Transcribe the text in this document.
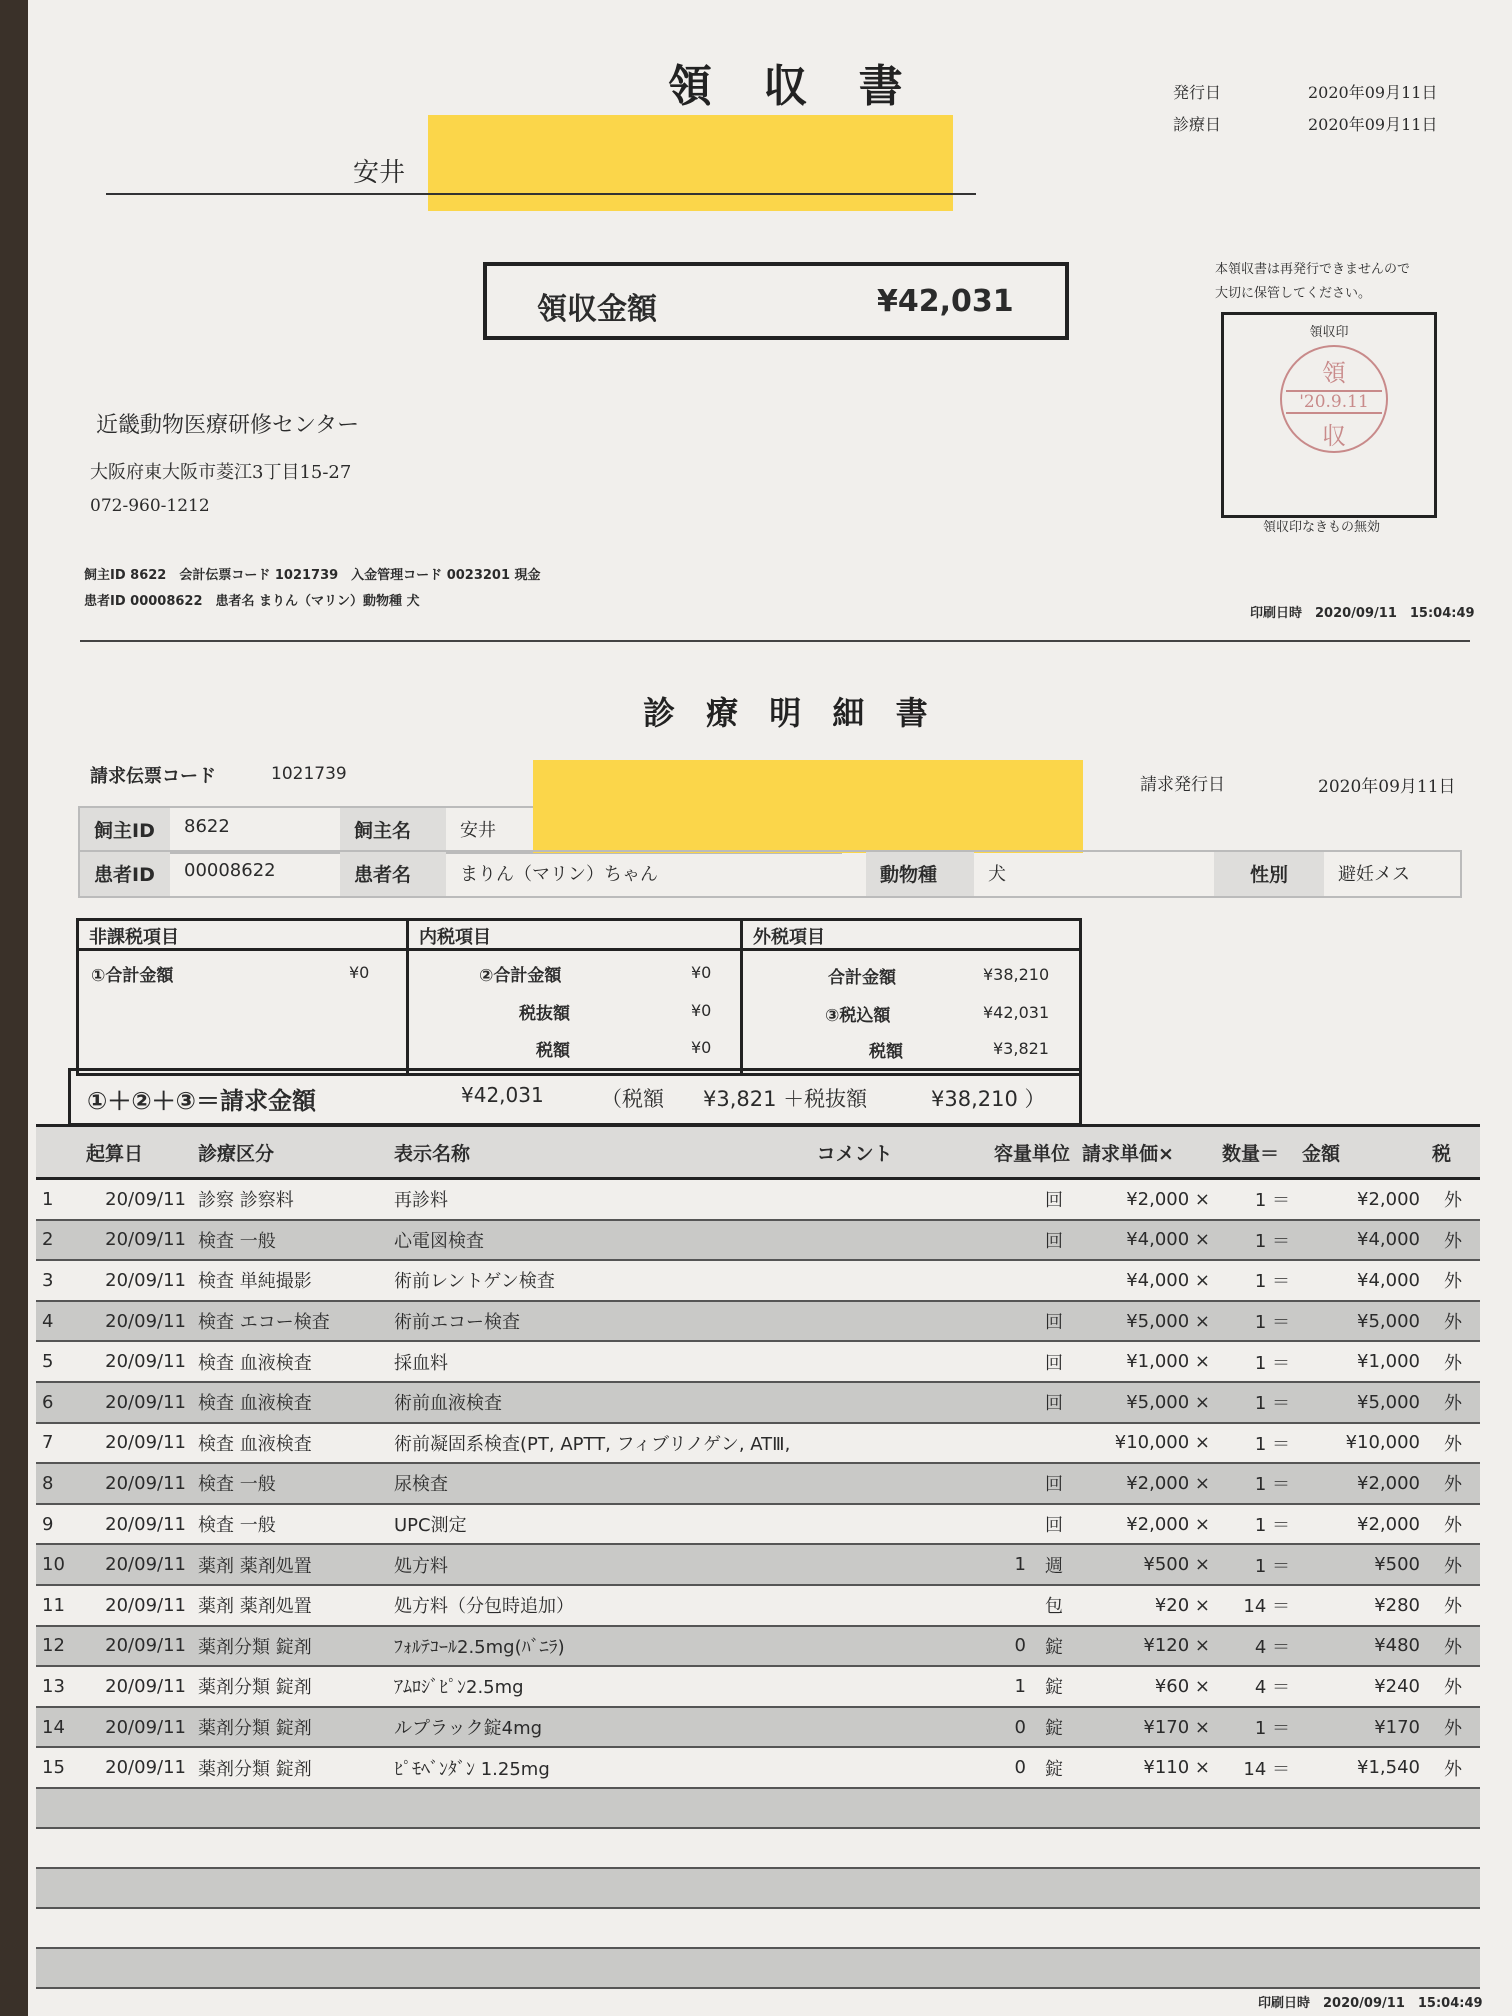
領 収 書	発行日	2020年09月11日
診療日	2020年09月11日
安井
領収金額	¥42,031
本領収書は再発行できませんので
大切に保管してください。
領収印
領
'20.9.11
収
領収印なきもの無効
近畿動物医療研修センター
大阪府東大阪市菱江3丁目15-27
072-960-1212
飼主ID 8622　会計伝票コード 1021739　入金管理コード 0023201 現金
患者ID 00008622　患者名 まりん（マリン）動物種 犬
印刷日時　2020/09/11　15:04:49
診 療 明 細 書
請求伝票コード	1021739
請求発行日	2020年09月11日
飼主ID	8622	飼主名	安井
患者ID	00008622	患者名	まりん（マリン）ちゃん	動物種	犬	性別	避妊メス
非課税項目
①合計金額	¥0
内税項目
②合計金額	¥0
税抜額	¥0
税額	¥0
外税項目
合計金額	¥38,210
③税込額	¥42,031
税額	¥3,821
①＋②＋③＝請求金額	¥42,031	（税額 ¥3,821 ＋税抜額	¥38,210 ）
	起算日	診療区分	表示名称 コメント	容量単位		請求単価×	数量＝	金額	税
1	20/09/11	診察 診察料	再診料		回	¥2,000 ×	1 ＝	¥2,000	外
2	20/09/11	検査 一般	心電図検査		回	¥4,000 ×	1 ＝	¥4,000	外
3	20/09/11	検査 単純撮影	術前レントゲン検査			¥4,000 ×	1 ＝	¥4,000	外
4	20/09/11	検査 エコー検査	術前エコー検査		回	¥5,000 ×	1 ＝	¥5,000	外
5	20/09/11	検査 血液検査	採血料		回	¥1,000 ×	1 ＝	¥1,000	外
6	20/09/11	検査 血液検査	術前血液検査		回	¥5,000 ×	1 ＝	¥5,000	外
7	20/09/11	検査 血液検査	術前凝固系検査(PT, APTT, フィブリノゲン, ATⅢ,			¥10,000 ×	1 ＝	¥10,000	外
8	20/09/11	検査 一般	尿検査		回	¥2,000 ×	1 ＝	¥2,000	外
9	20/09/11	検査 一般	UPC測定		回	¥2,000 ×	1 ＝	¥2,000	外
10	20/09/11	薬剤 薬剤処置	処方料	1	週	¥500 ×	1 ＝	¥500	外
11	20/09/11	薬剤 薬剤処置	処方料（分包時追加）		包	¥20 ×	14 ＝	¥280	外
12	20/09/11	薬剤分類 錠剤	ﾌｫﾙﾃｺｰﾙ2.5mg(ﾊﾞﾆﾗ)	0	錠	¥120 ×	4 ＝	¥480	外
13	20/09/11	薬剤分類 錠剤	ｱﾑﾛｼﾞﾋﾟﾝ2.5mg	1	錠	¥60 ×	4 ＝	¥240	外
14	20/09/11	薬剤分類 錠剤	ルプラック錠4mg	0	錠	¥170 ×	1 ＝	¥170	外
15	20/09/11	薬剤分類 錠剤	ﾋﾟﾓﾍﾞﾝﾀﾞﾝ 1.25mg	0	錠	¥110 ×	14 ＝	¥1,540	外

印刷日時　2020/09/11　15:04:49
